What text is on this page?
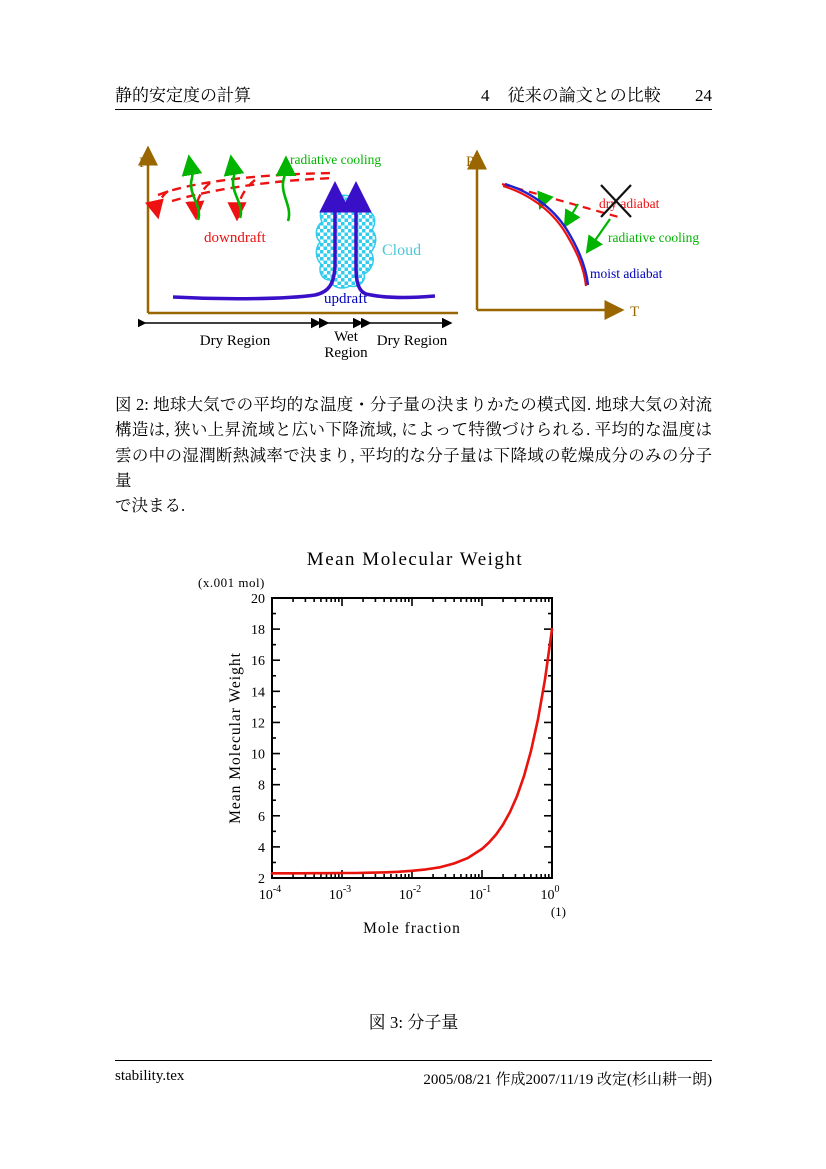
静的安定度の計算	4 従来の論文との比較 24
P	radiative cooling
downdraft
Cloud
updraft
Dry Region	Wet
Region
Dry Region
P
T
dry adiabat
radiative cooling
moist adiabat
図 2: 地球大気での平均的な温度・分子量の決まりかたの模式図. 地球大気の対流
構造は, 狭い上昇流域と広い下降流域, によって特徴づけられる. 平均的な温度は
雲の中の湿潤断熱減率で決まり, 平均的な分子量は下降域の乾燥成分のみの分子量
で決まる.
Mean Molecular Weight
(x.001 mol)
Mean Molecular Weight
Mole fraction
(1)
2
4
6
8
10
12
14
16
18
20
$10^{-4}$	$10^{-3}$	$10^{-2}$	$10^{-1}$	$10^0$
図 3: 分子量
stability.tex	2005/08/21 作成2007/11/19 改定(杉山耕一朗)
